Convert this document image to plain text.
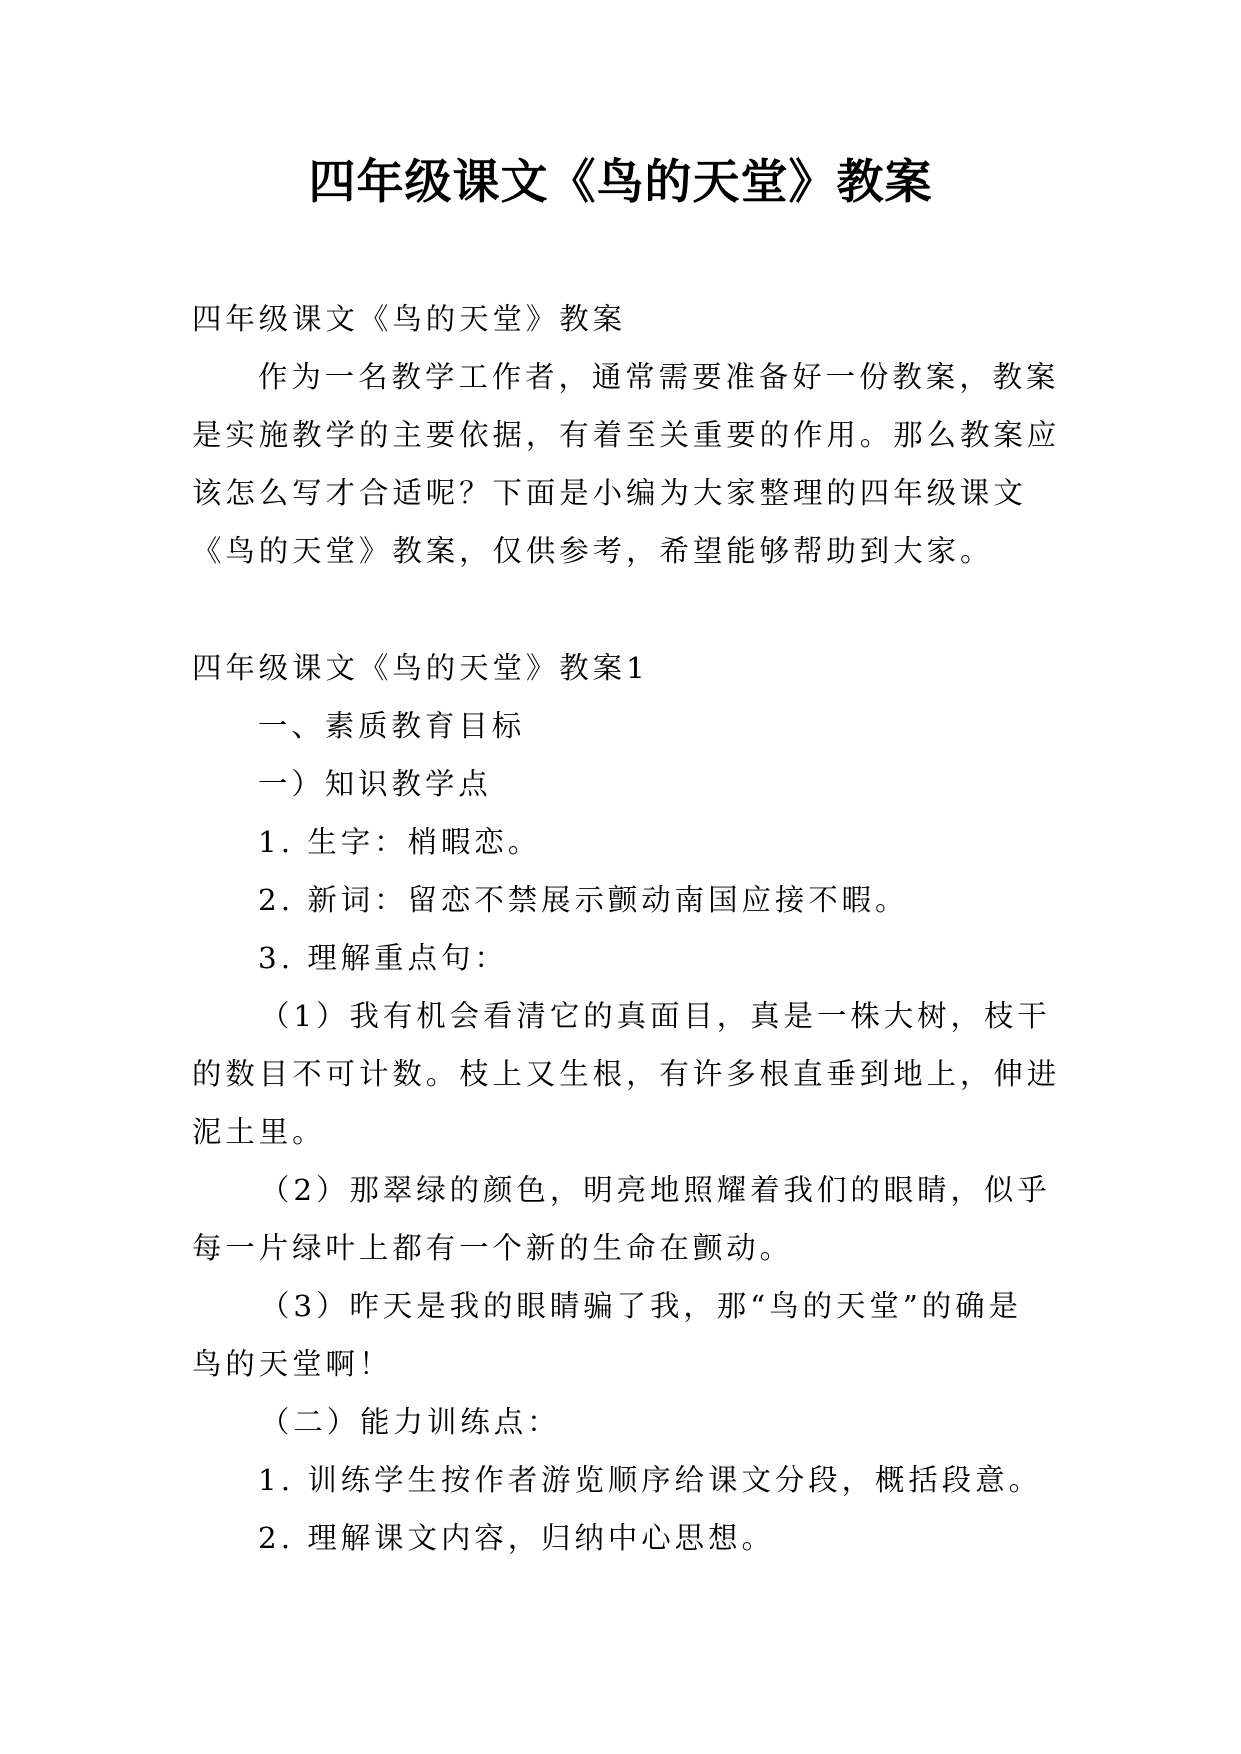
四年级课文《鸟的天堂》教案

四年级课文《鸟的天堂》教案

作为一名教学工作者，通常需要准备好一份教案，教案

是实施教学的主要依据，有着至关重要的作用。那么教案应

该怎么写才合适呢？下面是小编为大家整理的四年级课文

《鸟的天堂》教案，仅供参考，希望能够帮助到大家。

四年级课文《鸟的天堂》教案1

一、素质教育目标

一）知识教学点

1. 生字：梢暇恋。

2. 新词：留恋不禁展示颤动南国应接不暇。

3. 理解重点句：

（1）我有机会看清它的真面目，真是一株大树，枝干

的数目不可计数。枝上又生根，有许多根直垂到地上，伸进

泥土里。

（2）那翠绿的颜色，明亮地照耀着我们的眼睛，似乎

每一片绿叶上都有一个新的生命在颤动。

（3）昨天是我的眼睛骗了我，那“鸟的天堂”的确是

鸟的天堂啊！

（二）能力训练点：

1. 训练学生按作者游览顺序给课文分段，概括段意。

2. 理解课文内容，归纳中心思想。
